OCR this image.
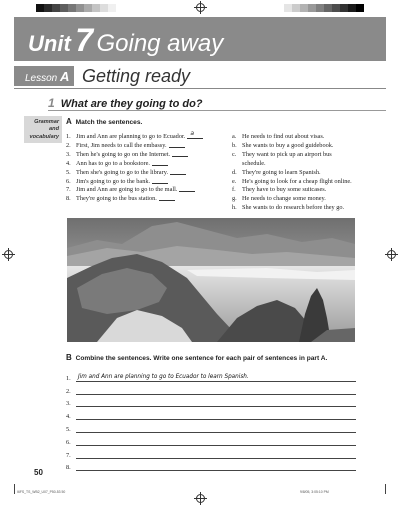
Unit 7 Going away
Lesson A Getting ready
1 What are they going to do?
Grammar
and
vocabulary
A Match the sentences.
1. Jim and Ann are planning to go to Ecuador. a
2. First, Jim needs to call the embassy.
3. Then he's going to go on the Internet.
4. Ann has to go to a bookstore.
5. Then she's going to go to the library.
6. Jim's going to go to the bank.
7. Jim and Ann are going to go to the mall.
8. They're going to the bus station.
a. He needs to find out about visas.
b. She wants to buy a good guidebook.
c. They want to pick up an airport bus
schedule.
d. They're going to learn Spanish.
e. He's going to look for a cheap flight online.
f.	They have to buy some suitcases.
g. He needs to change some money.
h. She wants to do research before they go.
B Combine the sentences. Write one sentence for each pair of sentences in part A.
1.	Jim and Ann are planning to go to Ecuador to learn Spanish.
2.
3.
4.
5.
6.
7.
8.
50
I6FS_TS_WB2_U07_P50-53 50	9/8/05, 3:05:10 PM
